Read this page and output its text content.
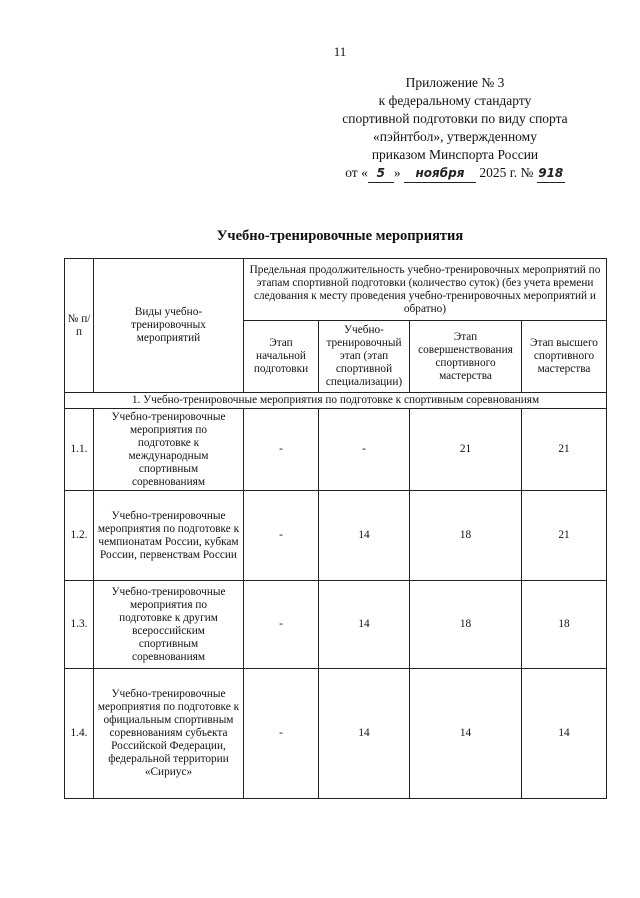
11
Приложение № 3
к федеральному стандарту
спортивной подготовки по виду спорта
«пэйнтбол», утвержденному
приказом Минспорта России
от « 5 » ноября 2025 г. № 918
Учебно-тренировочные мероприятия
№ п/п	Виды учебно-тренировочных мероприятий	Предельная продолжительность учебно-тренировочных мероприятий по этапам спортивной подготовки (количество суток) (без учета времени следования к месту проведения учебно-тренировочных мероприятий и обратно)			
		Этап начальной подготовки	Учебно-тренировочный этап (этап спортивной специализации)	Этап совершенствования спортивного мастерства	Этап высшего спортивного мастерства
1. Учебно-тренировочные мероприятия по подготовке к спортивным соревнованиям					
1.1.	Учебно-тренировочные мероприятия по подготовке к международным спортивным соревнованиям	-	-	21	21
1.2.	Учебно-тренировочные мероприятия по подготовке к чемпионатам России, кубкам России, первенствам России	-	14	18	21
1.3.	Учебно-тренировочные мероприятия по подготовке к другим всероссийским спортивным соревнованиям	-	14	18	18
1.4.	Учебно-тренировочные мероприятия по подготовке к официальным спортивным соревнованиям субъекта Российской Федерации, федеральной территории «Сириус»	-	14	14	14
